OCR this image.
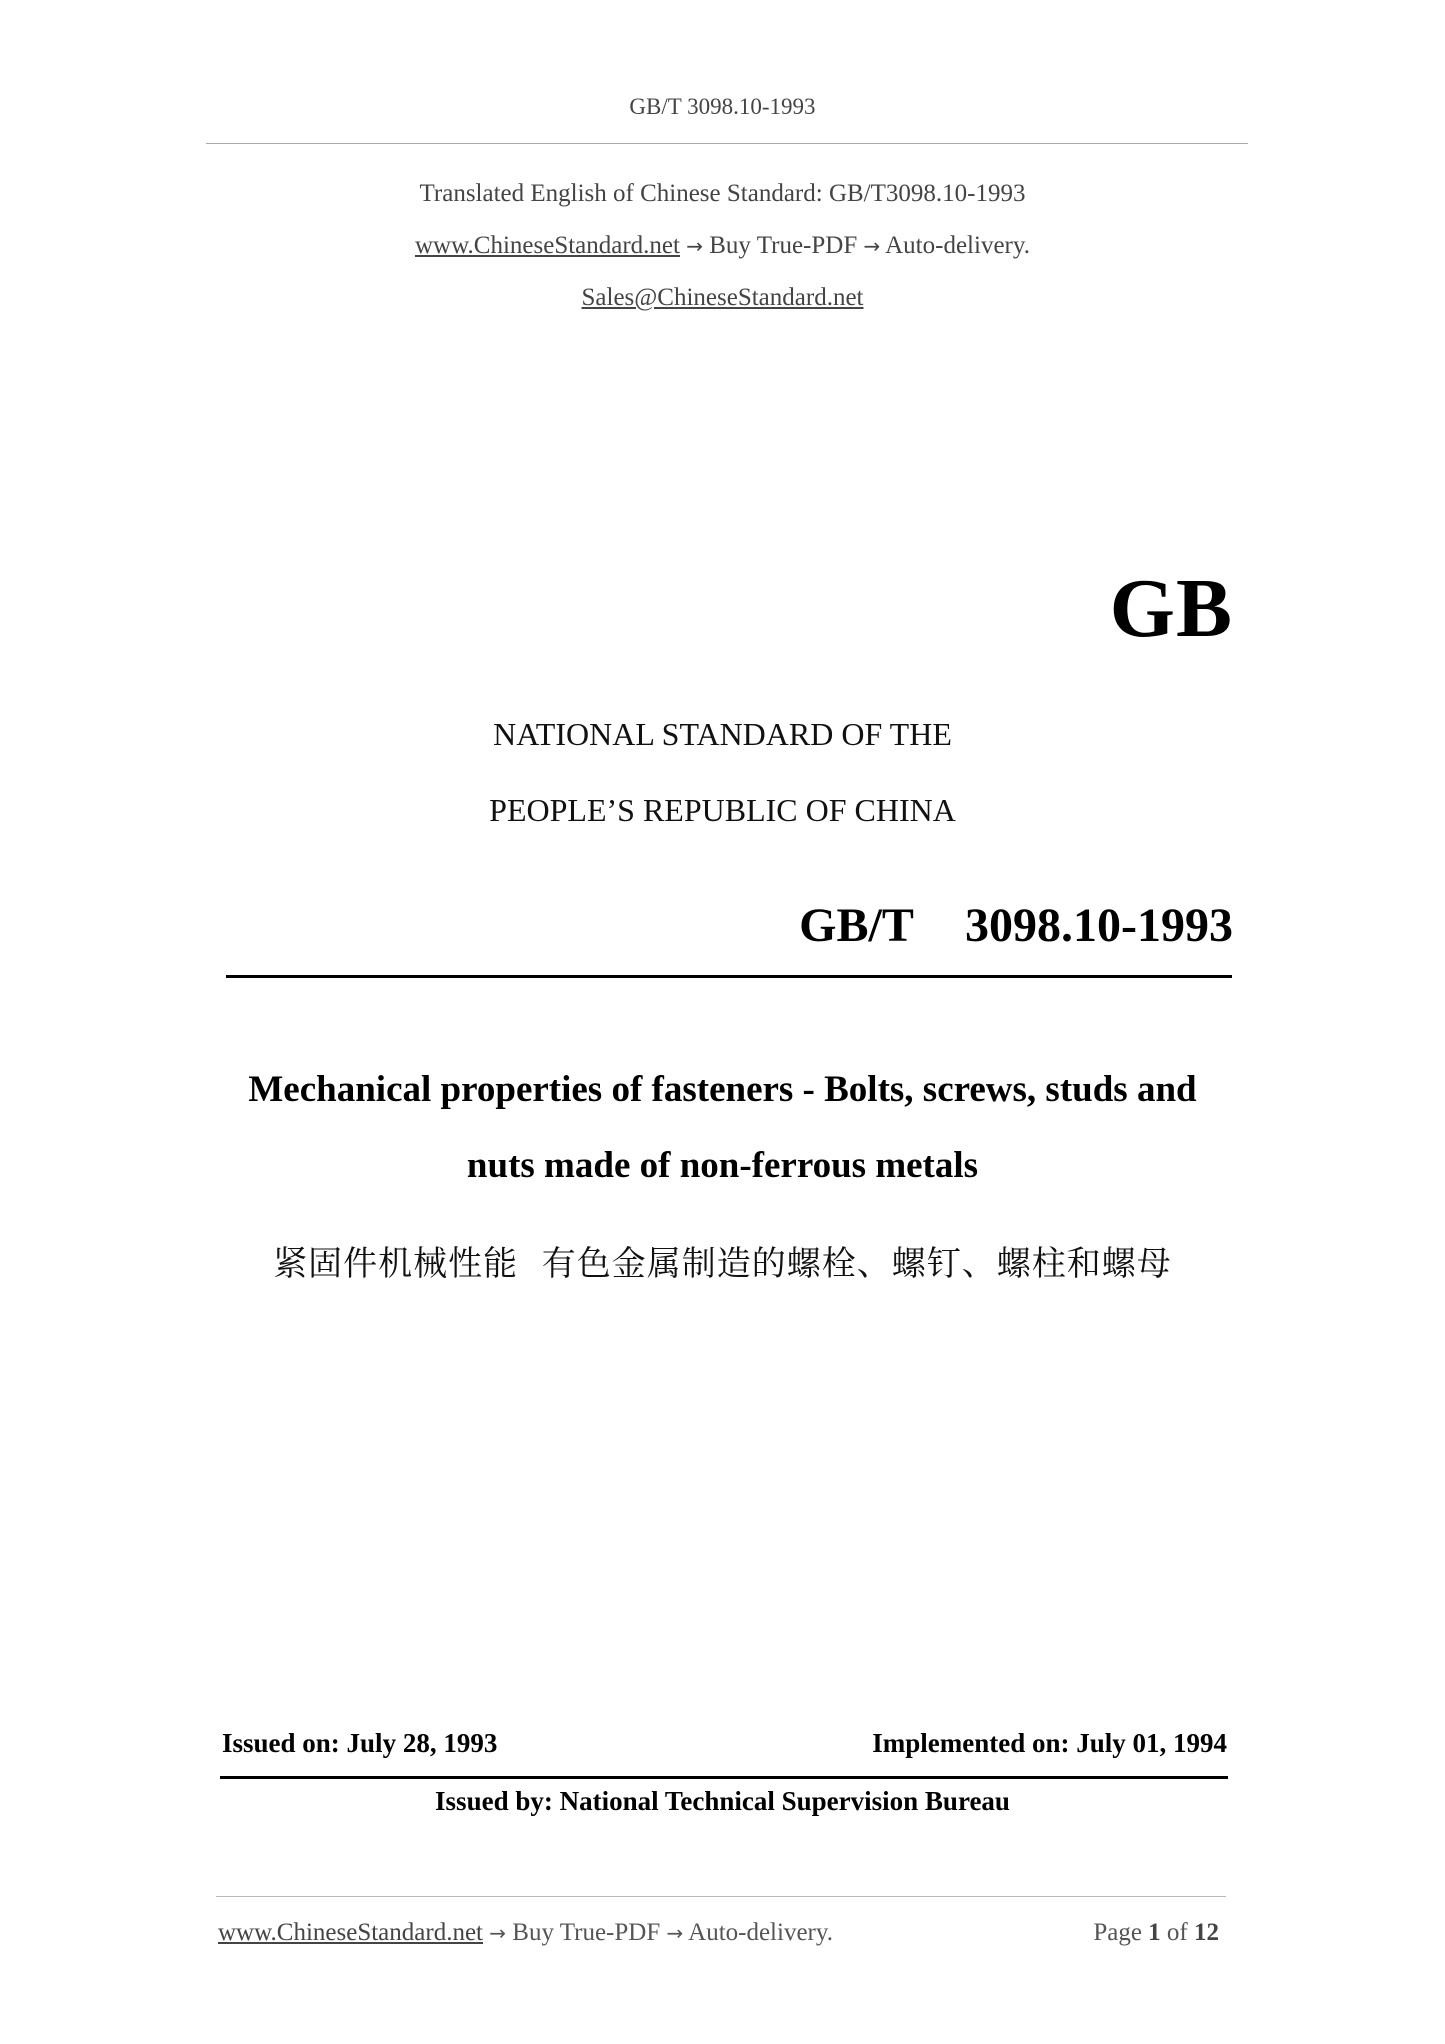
GB/T 3098.10-1993
Translated English of Chinese Standard: GB/T3098.10-1993
www.ChineseStandard.net → Buy True-PDF → Auto-delivery.
Sales@ChineseStandard.net
GB
NATIONAL STANDARD OF THE
PEOPLE’S REPUBLIC OF CHINA
GB/T  3098.10-1993
Mechanical properties of fasteners - Bolts, screws, studs and
nuts made of non-ferrous metals
紧固件机械性能  有色金属制造的螺栓、螺钉、螺柱和螺母
Issued on: July 28, 1993	Implemented on: July 01, 1994
Issued by: National Technical Supervision Bureau
www.ChineseStandard.net → Buy True-PDF → Auto-delivery.	Page 1 of 12
